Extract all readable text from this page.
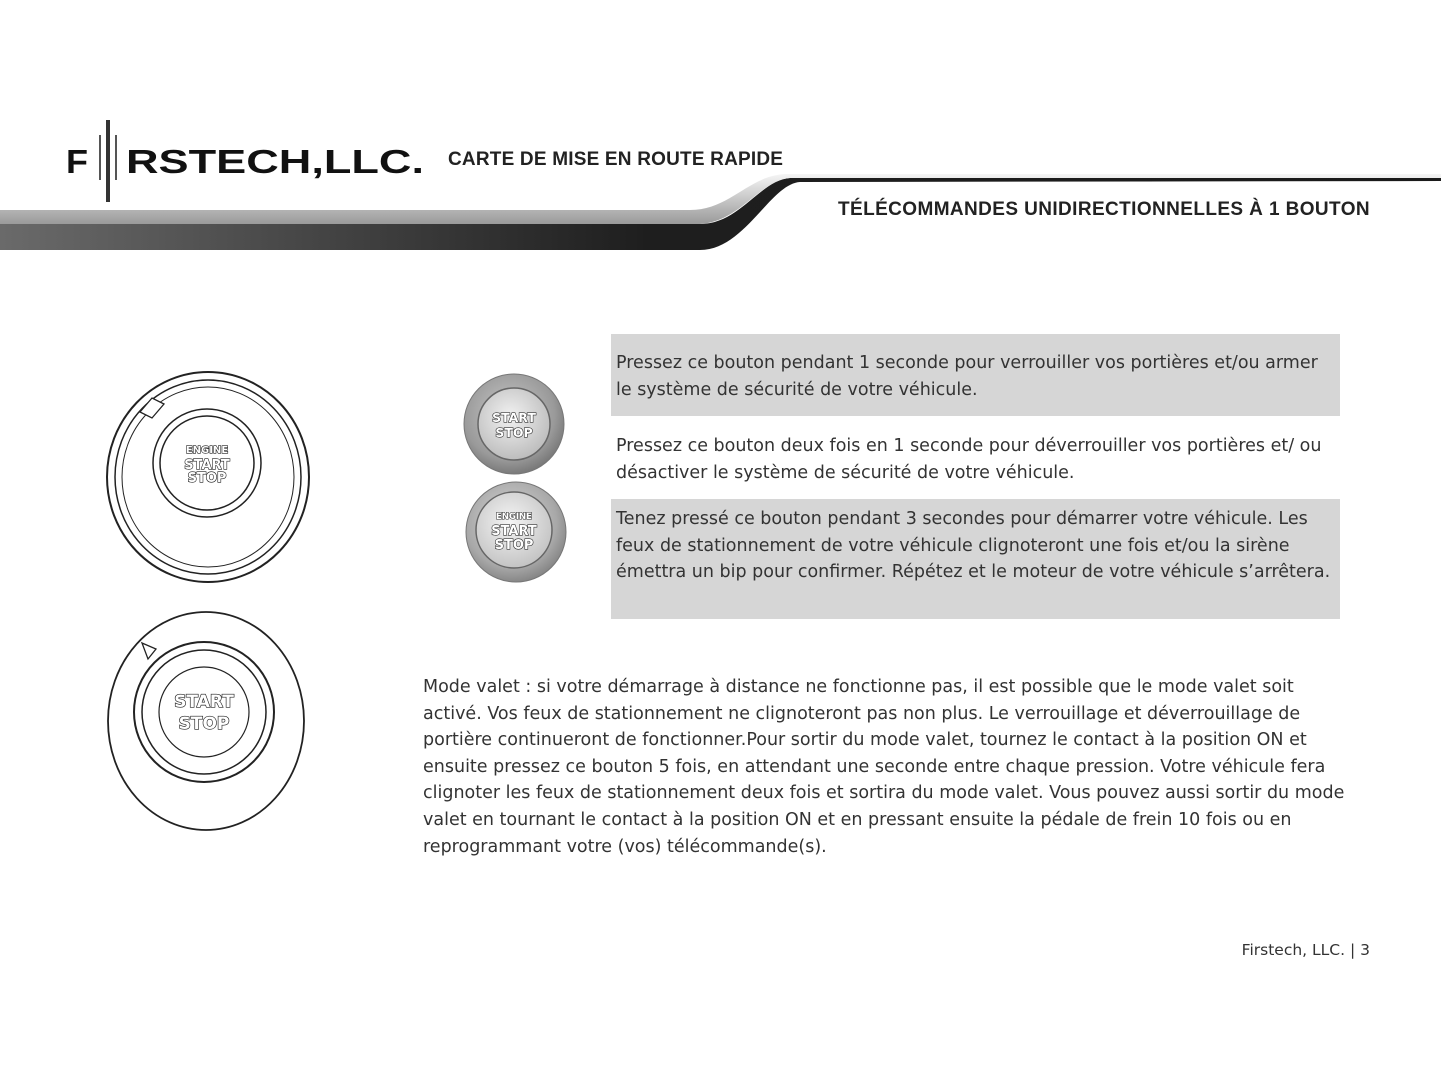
F RSTECH,LLC. CARTE DE MISE EN ROUTE RAPIDE
TÉLÉCOMMANDES UNIDIRECTIONNELLES À 1 BOUTON
ENGINE
START
STOP
START
STOP
START
STOP
ENGINE
START
STOP
Pressez ce bouton pendant 1 seconde pour verrouiller vos portières et/ou armer le système de sécurité de votre véhicule.
Pressez ce bouton deux fois en 1 seconde pour déverrouiller vos portières et/ ou désactiver le système de sécurité de votre véhicule.
Tenez pressé ce bouton pendant 3 secondes pour démarrer votre véhicule. Les feux de stationnement de votre véhicule clignoteront une fois et/ou la sirène émettra un bip pour confirmer. Répétez et le moteur de votre véhicule s’arrêtera.
Mode valet : si votre démarrage à distance ne fonctionne pas, il est possible que le mode valet soit activé. Vos feux de stationnement ne clignoteront pas non plus. Le verrouillage et déverrouillage de portière continueront de fonctionner.Pour sortir du mode valet, tournez le contact à la position ON et ensuite pressez ce bouton 5 fois, en attendant une seconde entre chaque pression. Votre véhicule fera clignoter les feux de stationnement deux fois et sortira du mode valet. Vous pouvez aussi sortir du mode valet en tournant le contact à la position ON et en pressant ensuite la pédale de frein 10 fois ou en reprogrammant votre (vos) télécommande(s).
Firstech, LLC. | 3
